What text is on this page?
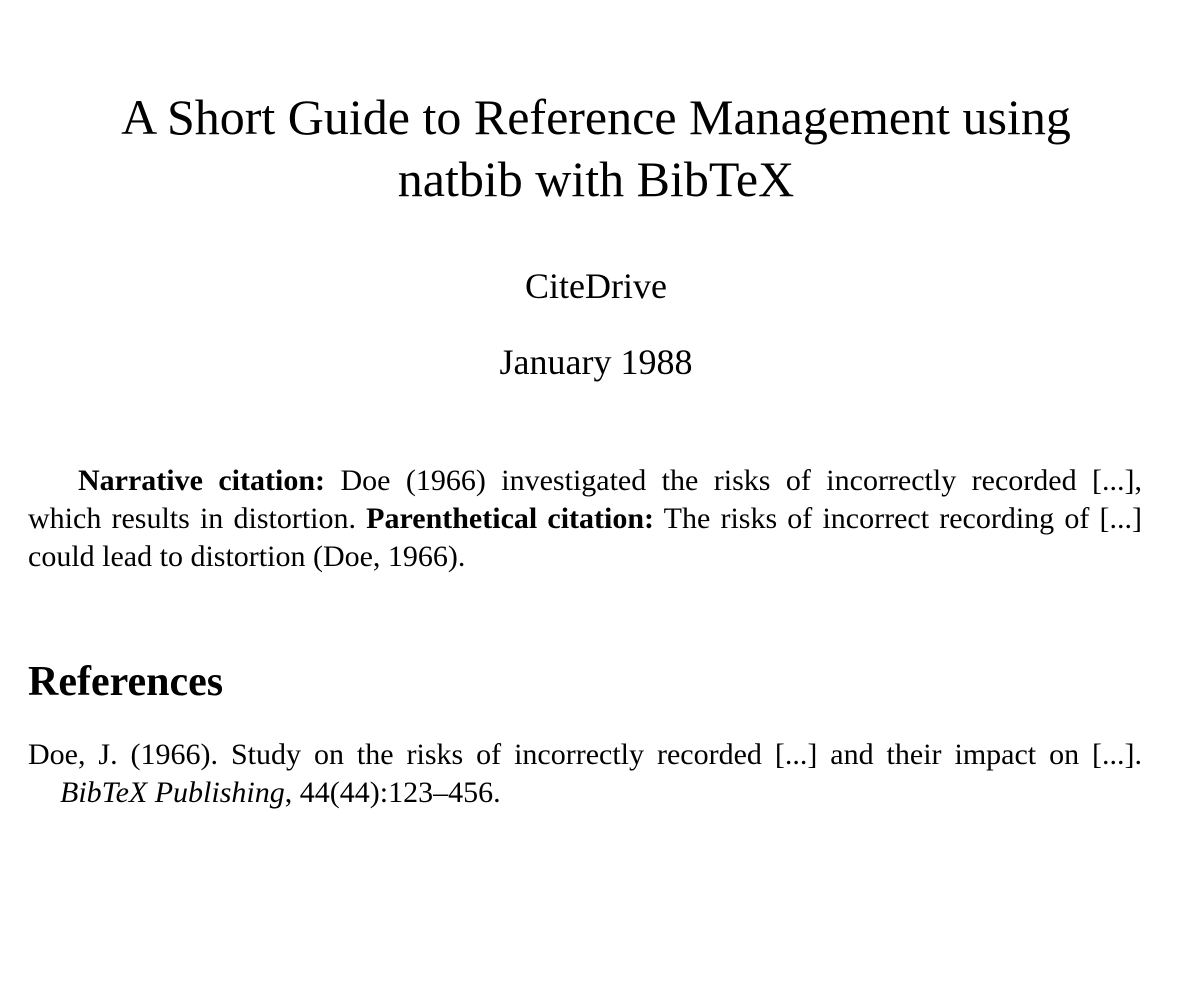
A Short Guide to Reference Management using
natbib with BibTeX
CiteDrive
January 1988

Narrative citation: Doe (1966) investigated the risks of incorrectly recorded [...], which results in distortion. Parenthetical citation: The risks of incorrect recording of [...] could lead to distortion (Doe, 1966).

References

Doe, J. (1966). Study on the risks of incorrectly recorded [...] and their impact on [...]. BibTeX Publishing, 44(44):123–456.
